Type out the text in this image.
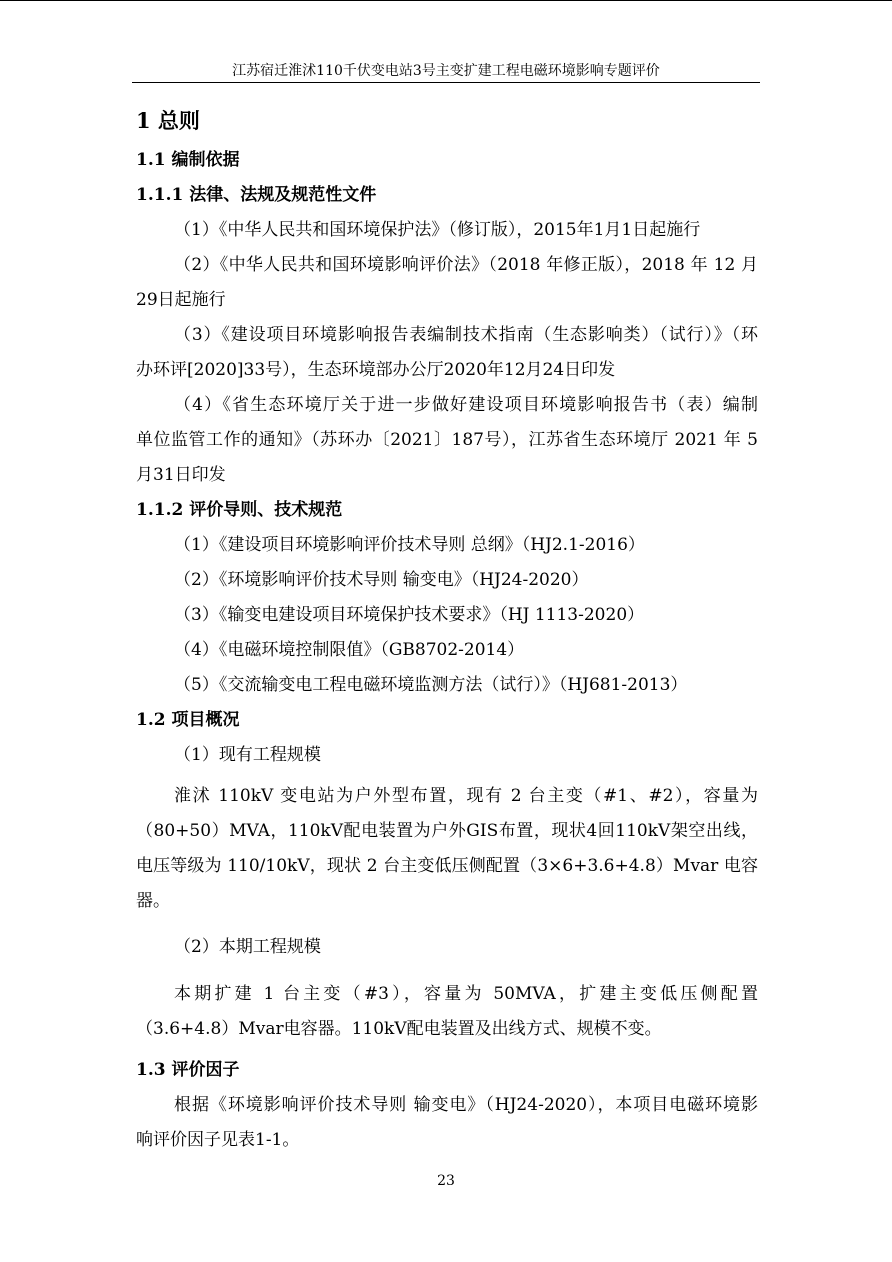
江苏宿迁淮沭110千伏变电站3号主变扩建工程电磁环境影响专题评价
1 总则
1.1 编制依据
1.1.1 法律、法规及规范性文件
（1）《中华人民共和国环境保护法》（修订版），2015年1月1日起施行
（2）《中华人民共和国环境影响评价法》（2018 年修正版），2018 年 12 月
29日起施行
（3）《建设项目环境影响报告表编制技术指南（生态影响类）（试行）》（环
办环评[2020]33号），生态环境部办公厅2020年12月24日印发
（4）《省生态环境厅关于进一步做好建设项目环境影响报告书（表）编制
单位监管工作的通知》（苏环办〔2021〕187号），江苏省生态环境厅 2021 年 5
月31日印发
1.1.2 评价导则、技术规范
（1）《建设项目环境影响评价技术导则 总纲》（HJ2.1-2016）
（2）《环境影响评价技术导则 输变电》（HJ24-2020）
（3）《输变电建设项目环境保护技术要求》（HJ 1113-2020）
（4）《电磁环境控制限值》（GB8702-2014）
（5）《交流输变电工程电磁环境监测方法（试行）》（HJ681-2013）
1.2 项目概况
（1）现有工程规模
淮沭 110kV 变电站为户外型布置，现有 2 台主变（#1、#2），容量为
（80+50）MVA，110kV配电装置为户外GIS布置，现状4回110kV架空出线，
电压等级为 110/10kV，现状 2 台主变低压侧配置（3×6+3.6+4.8）Mvar 电容
器。
（2）本期工程规模
本期扩建 1 台主变（#3），容量为 50MVA，扩建主变低压侧配置
（3.6+4.8）Mvar电容器。110kV配电装置及出线方式、规模不变。
1.3 评价因子
根据《环境影响评价技术导则 输变电》（HJ24-2020），本项目电磁环境影
响评价因子见表1-1。
23
